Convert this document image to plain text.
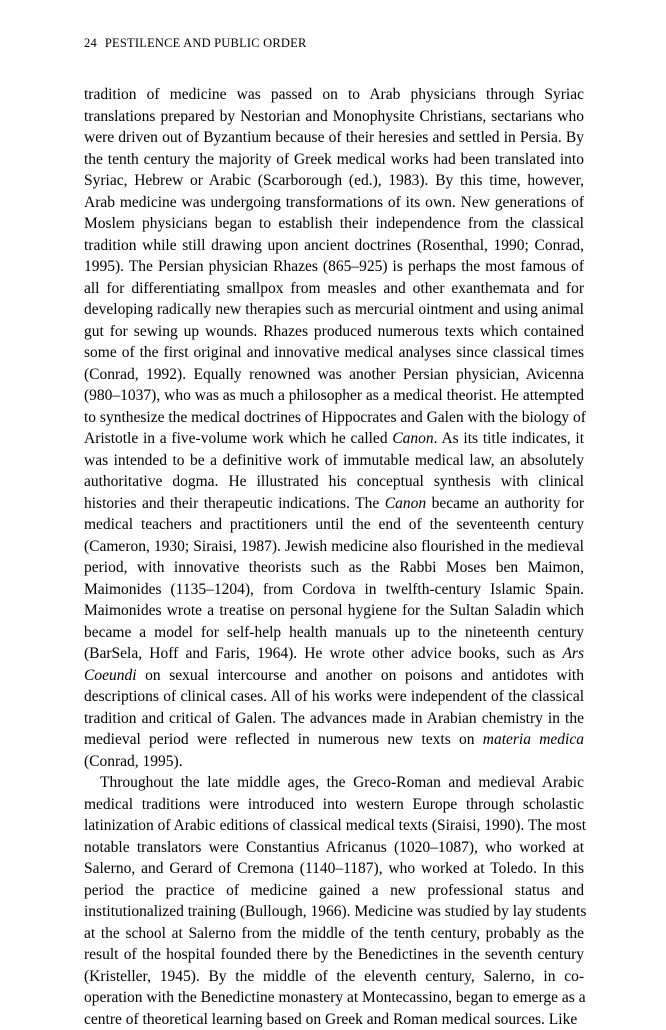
24 PESTILENCE AND PUBLIC ORDER
tradition of medicine was passed on to Arab physicians through Syriac
translations prepared by Nestorian and Monophysite Christians, sectarians who
were driven out of Byzantium because of their heresies and settled in Persia. By
the tenth century the majority of Greek medical works had been translated into
Syriac, Hebrew or Arabic (Scarborough (ed.), 1983). By this time, however,
Arab medicine was undergoing transformations of its own. New generations of
Moslem physicians began to establish their independence from the classical
tradition while still drawing upon ancient doctrines (Rosenthal, 1990; Conrad,
1995). The Persian physician Rhazes (865–925) is perhaps the most famous of
all for differentiating smallpox from measles and other exanthemata and for
developing radically new therapies such as mercurial ointment and using animal
gut for sewing up wounds. Rhazes produced numerous texts which contained
some of the first original and innovative medical analyses since classical times
(Conrad, 1992). Equally renowned was another Persian physician, Avicenna
(980–1037), who was as much a philosopher as a medical theorist. He attempted
to synthesize the medical doctrines of Hippocrates and Galen with the biology of
Aristotle in a five-volume work which he called Canon. As its title indicates, it
was intended to be a definitive work of immutable medical law, an absolutely
authoritative dogma. He illustrated his conceptual synthesis with clinical
histories and their therapeutic indications. The Canon became an authority for
medical teachers and practitioners until the end of the seventeenth century
(Cameron, 1930; Siraisi, 1987). Jewish medicine also flourished in the medieval
period, with innovative theorists such as the Rabbi Moses ben Maimon,
Maimonides (1135–1204), from Cordova in twelfth-century Islamic Spain.
Maimonides wrote a treatise on personal hygiene for the Sultan Saladin which
became a model for self-help health manuals up to the nineteenth century
(BarSela, Hoff and Faris, 1964). He wrote other advice books, such as Ars
Coeundi on sexual intercourse and another on poisons and antidotes with
descriptions of clinical cases. All of his works were independent of the classical
tradition and critical of Galen. The advances made in Arabian chemistry in the
medieval period were reflected in numerous new texts on materia medica
(Conrad, 1995).
Throughout the late middle ages, the Greco-Roman and medieval Arabic
medical traditions were introduced into western Europe through scholastic
latinization of Arabic editions of classical medical texts (Siraisi, 1990). The most
notable translators were Constantius Africanus (1020–1087), who worked at
Salerno, and Gerard of Cremona (1140–1187), who worked at Toledo. In this
period the practice of medicine gained a new professional status and
institutionalized training (Bullough, 1966). Medicine was studied by lay students
at the school at Salerno from the middle of the tenth century, probably as the
result of the hospital founded there by the Benedictines in the seventh century
(Kristeller, 1945). By the middle of the eleventh century, Salerno, in co-
operation with the Benedictine monastery at Montecassino, began to emerge as a
centre of theoretical learning based on Greek and Roman medical sources. Like
